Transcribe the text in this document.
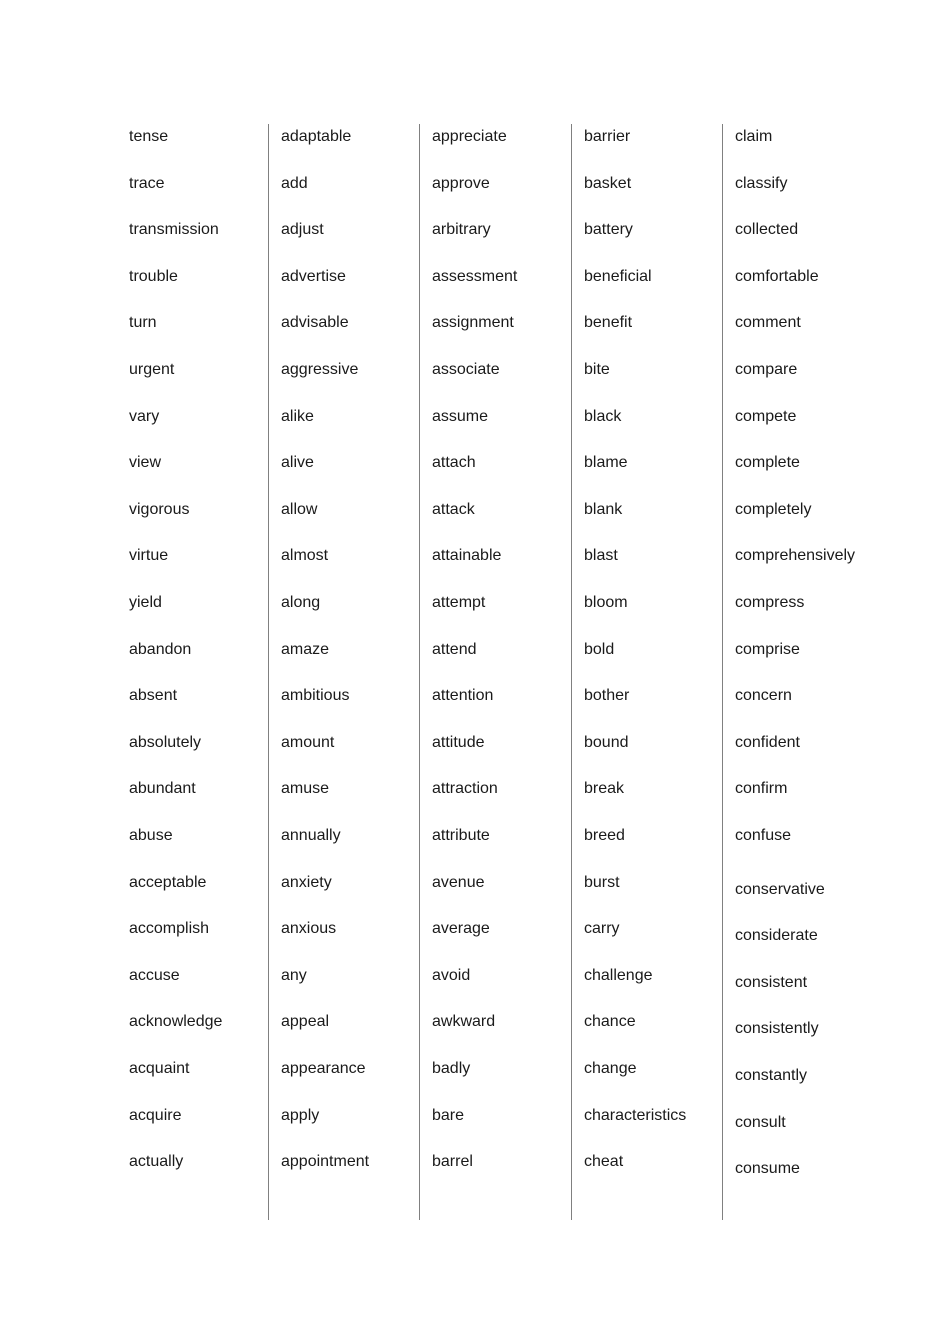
tense
trace
transmission
trouble
turn
urgent
vary
view
vigorous
virtue
yield
abandon
absent
absolutely
abundant
abuse
acceptable
accomplish
accuse
acknowledge
acquaint
acquire
actually
adaptable
add
adjust
advertise
advisable
aggressive
alike
alive
allow
almost
along
amaze
ambitious
amount
amuse
annually
anxiety
anxious
any
appeal
appearance
apply
appointment
appreciate
approve
arbitrary
assessment
assignment
associate
assume
attach
attack
attainable
attempt
attend
attention
attitude
attraction
attribute
avenue
average
avoid
awkward
badly
bare
barrel
barrier
basket
battery
beneficial
benefit
bite
black
blame
blank
blast
bloom
bold
bother
bound
break
breed
burst
carry
challenge
chance
change
characteristics
cheat
claim
classify
collected
comfortable
comment
compare
compete
complete
completely
comprehensively
compress
comprise
concern
confident
confirm
confuse
conservative
considerate
consistent
consistently
constantly
consult
consume
